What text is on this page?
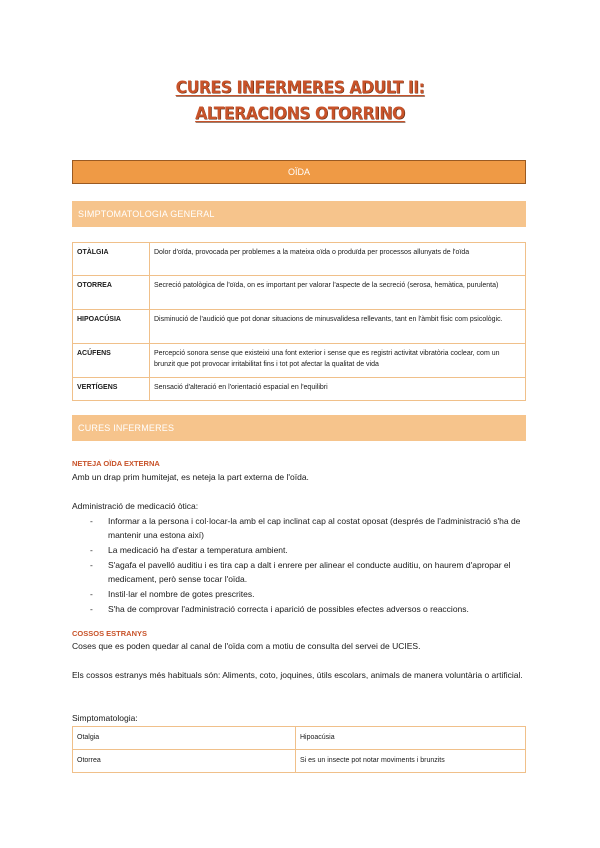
CURES INFERMERES ADULT II:
ALTERACIONS OTORRINO
OÏDA
SIMPTOMATOLOGIA GENERAL
OTÀLGIA	Dolor d'oïda, provocada per problemes a la mateixa oïda o produïda per processos allunyats de l'oïda
OTORREA	Secreció patològica de l'oïda, on es important per valorar l'aspecte de la secreció (serosa, hemàtica, purulenta)
HIPOACÚSIA	Disminució de l'audició que pot donar situacions de minusvalidesa rellevants, tant en l'àmbit físic com psicològic.
ACÚFENS	Percepció sonora sense que existeixi una font exterior i sense que es registri activitat vibratòria coclear, com un brunzit que pot provocar irritabilitat fins i tot pot afectar la qualitat de vida
VERTÍGENS	Sensació d'alteració en l'orientació espacial en l'equilibri
CURES INFERMERES
NETEJA OÏDA EXTERNA
Amb un drap prim humitejat, es neteja la part externa de l'oïda.
Administració de medicació òtica:
- Informar a la persona i col·locar-la amb el cap inclinat cap al costat oposat (després de l'administració s'ha de mantenir una estona així)
- La medicació ha d'estar a temperatura ambient.
- S'agafa el pavelló auditiu i es tira cap a dalt i enrere per alinear el conducte auditiu, on haurem d'apropar el medicament, però sense tocar l'oïda.
- Instil·lar el nombre de gotes prescrites.
- S'ha de comprovar l'administració correcta i aparició de possibles efectes adversos o reaccions.
COSSOS ESTRANYS
Coses que es poden quedar al canal de l'oïda com a motiu de consulta del servei de UCIES.
Els cossos estranys més habituals són: Aliments, coto, joquines, útils escolars, animals de manera voluntària o artificial.
Simptomatologia:
Otalgia	Hipoacúsia
Otorrea	Si es un insecte pot notar moviments i brunzits
